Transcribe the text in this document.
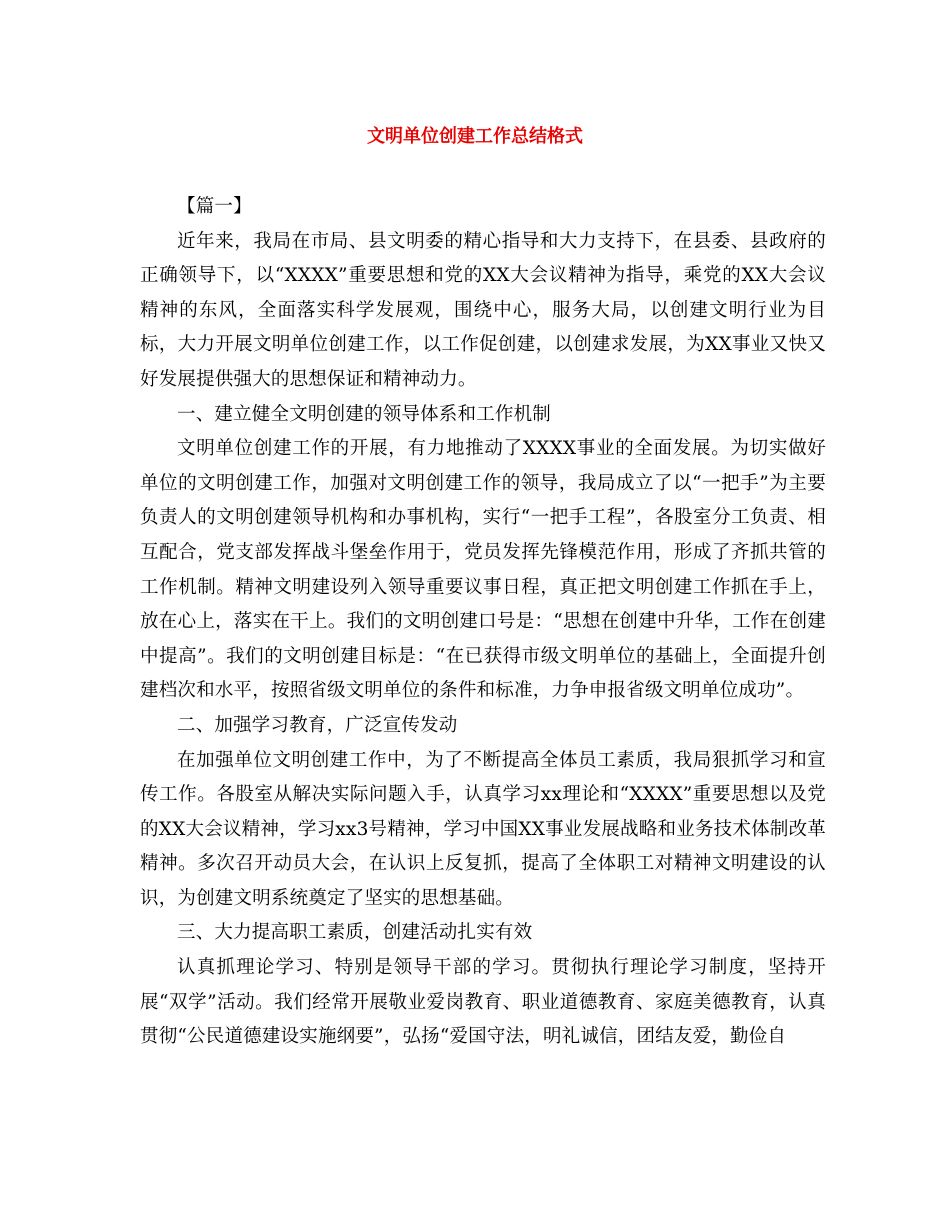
文明单位创建工作总结格式

【篇一】

近年来，我局在市局、县文明委的精心指导和大力支持下，在县委、县政府的正确领导下，以“XXXX”重要思想和党的XX大会议精神为指导，乘党的XX大会议精神的东风，全面落实科学发展观，围绕中心，服务大局，以创建文明行业为目标，大力开展文明单位创建工作，以工作促创建，以创建求发展，为XX事业又快又好发展提供强大的思想保证和精神动力。

一、建立健全文明创建的领导体系和工作机制

文明单位创建工作的开展，有力地推动了XXXX事业的全面发展。为切实做好单位的文明创建工作，加强对文明创建工作的领导，我局成立了以“一把手”为主要负责人的文明创建领导机构和办事机构，实行“一把手工程”，各股室分工负责、相互配合，党支部发挥战斗堡垒作用于，党员发挥先锋模范作用，形成了齐抓共管的工作机制。精神文明建设列入领导重要议事日程，真正把文明创建工作抓在手上，放在心上，落实在干上。我们的文明创建口号是：“思想在创建中升华，工作在创建中提高”。我们的文明创建目标是：“在已获得市级文明单位的基础上，全面提升创建档次和水平，按照省级文明单位的条件和标准，力争申报省级文明单位成功”。

二、加强学习教育，广泛宣传发动

在加强单位文明创建工作中，为了不断提高全体员工素质，我局狠抓学习和宣传工作。各股室从解决实际问题入手，认真学习xx理论和“XXXX”重要思想以及党的XX大会议精神，学习xx3号精神，学习中国XX事业发展战略和业务技术体制改革精神。多次召开动员大会，在认识上反复抓，提高了全体职工对精神文明建设的认识，为创建文明系统奠定了坚实的思想基础。

三、大力提高职工素质，创建活动扎实有效

认真抓理论学习、特别是领导干部的学习。贯彻执行理论学习制度，坚持开展“双学”活动。我们经常开展敬业爱岗教育、职业道德教育、家庭美德教育，认真贯彻“公民道德建设实施纲要”，弘扬“爱国守法，明礼诚信，团结友爱，勤俭自
